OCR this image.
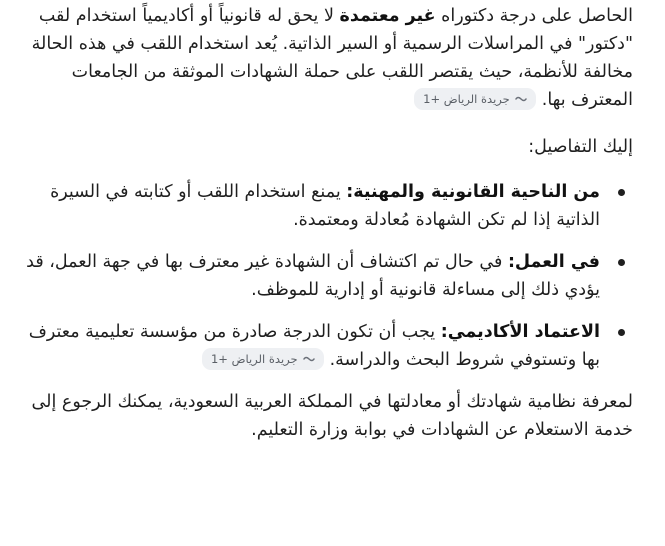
الحاصل على درجة دكتوراه غير معتمدة لا يحق له قانونياً أو أكاديمياً استخدام لقب "دكتور" في المراسلات الرسمية أو السير الذاتية. يُعد استخدام اللقب في هذه الحالة مخالفة للأنظمة، حيث يقتصر اللقب على حملة الشهادات الموثقة من الجامعات المعترف بها.
جريدة الرياض +1

إليك التفاصيل:

من الناحية القانونية والمهنية: يمنع استخدام اللقب أو كتابته في السيرة الذاتية إذا لم تكن الشهادة مُعادلة ومعتمدة.
في العمل: في حال تم اكتشاف أن الشهادة غير معترف بها في جهة العمل، قد يؤدي ذلك إلى مساءلة قانونية أو إدارية للموظف.
الاعتماد الأكاديمي: يجب أن تكون الدرجة صادرة من مؤسسة تعليمية معترف بها وتستوفي شروط البحث والدراسة.
جريدة الرياض +1

لمعرفة نظامية شهادتك أو معادلتها في المملكة العربية السعودية، يمكنك الرجوع إلى خدمة الاستعلام عن الشهادات في بوابة وزارة التعليم.
